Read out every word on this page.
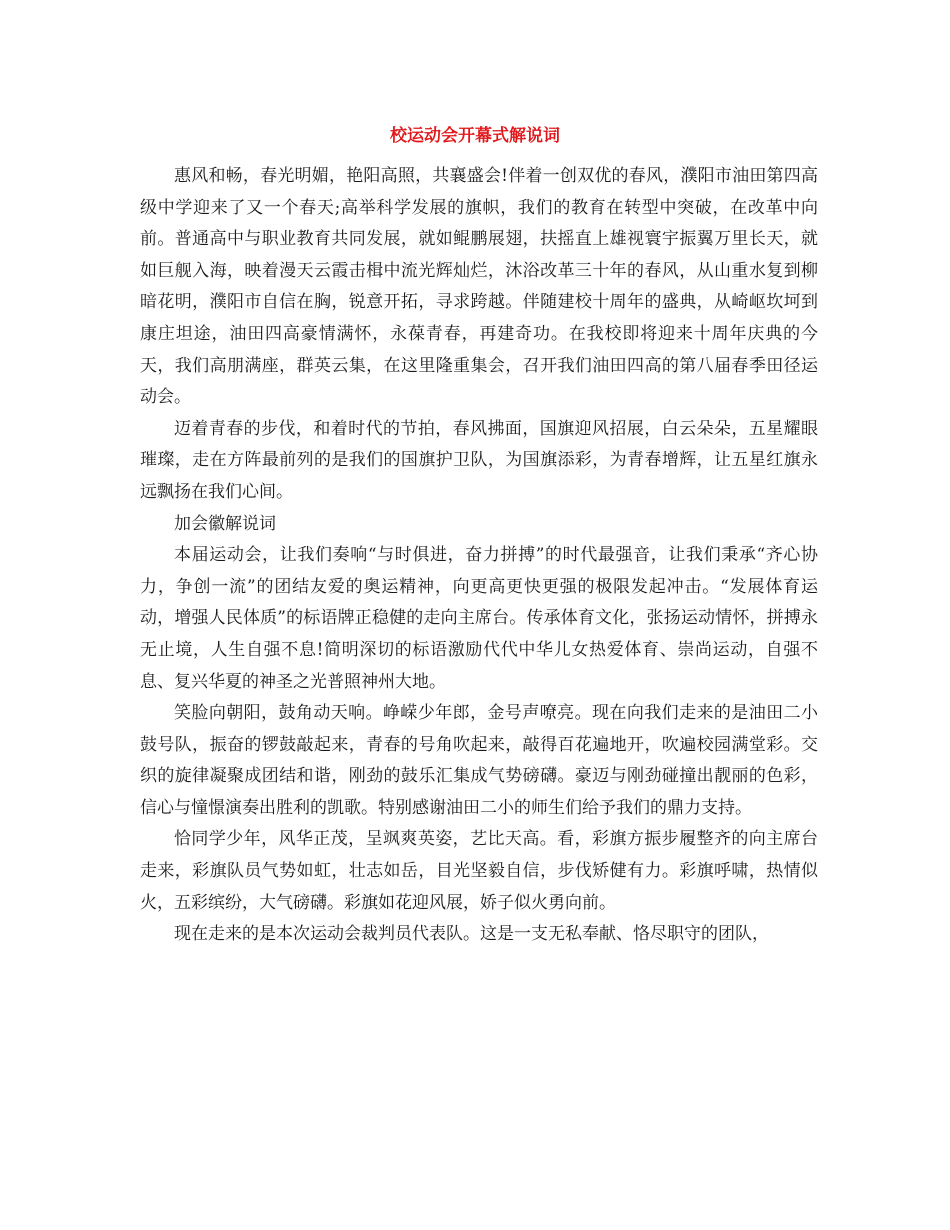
校运动会开幕式解说词

惠风和畅，春光明媚，艳阳高照，共襄盛会!伴着一创双优的春风，濮阳市油田第四高级中学迎来了又一个春天;高举科学发展的旗帜，我们的教育在转型中突破，在改革中向前。普通高中与职业教育共同发展，就如鲲鹏展翅，扶摇直上雄视寰宇振翼万里长天，就如巨舰入海，映着漫天云霞击楫中流光辉灿烂，沐浴改革三十年的春风，从山重水复到柳暗花明，濮阳市自信在胸，锐意开拓，寻求跨越。伴随建校十周年的盛典，从崎岖坎坷到康庄坦途，油田四高豪情满怀，永葆青春，再建奇功。在我校即将迎来十周年庆典的今天，我们高朋满座，群英云集，在这里隆重集会，召开我们油田四高的第八届春季田径运动会。

迈着青春的步伐，和着时代的节拍，春风拂面，国旗迎风招展，白云朵朵，五星耀眼璀璨，走在方阵最前列的是我们的国旗护卫队，为国旗添彩，为青春增辉，让五星红旗永远飘扬在我们心间。

加会徽解说词

本届运动会，让我们奏响“与时俱进，奋力拼搏”的时代最强音，让我们秉承“齐心协力，争创一流”的团结友爱的奥运精神，向更高更快更强的极限发起冲击。“发展体育运动，增强人民体质”的标语牌正稳健的走向主席台。传承体育文化，张扬运动情怀，拼搏永无止境，人生自强不息!简明深切的标语激励代代中华儿女热爱体育、崇尚运动，自强不息、复兴华夏的神圣之光普照神州大地。

笑脸向朝阳，鼓角动天响。峥嵘少年郎，金号声嘹亮。现在向我们走来的是油田二小鼓号队，振奋的锣鼓敲起来，青春的号角吹起来，敲得百花遍地开，吹遍校园满堂彩。交织的旋律凝聚成团结和谐，刚劲的鼓乐汇集成气势磅礴。豪迈与刚劲碰撞出靓丽的色彩，信心与憧憬演奏出胜利的凯歌。特别感谢油田二小的师生们给予我们的鼎力支持。

恰同学少年，风华正茂，呈飒爽英姿，艺比天高。看，彩旗方振步履整齐的向主席台走来，彩旗队员气势如虹，壮志如岳，目光坚毅自信，步伐矫健有力。彩旗呼啸，热情似火，五彩缤纷，大气磅礴。彩旗如花迎风展，娇子似火勇向前。

现在走来的是本次运动会裁判员代表队。这是一支无私奉献、恪尽职守的团队，
